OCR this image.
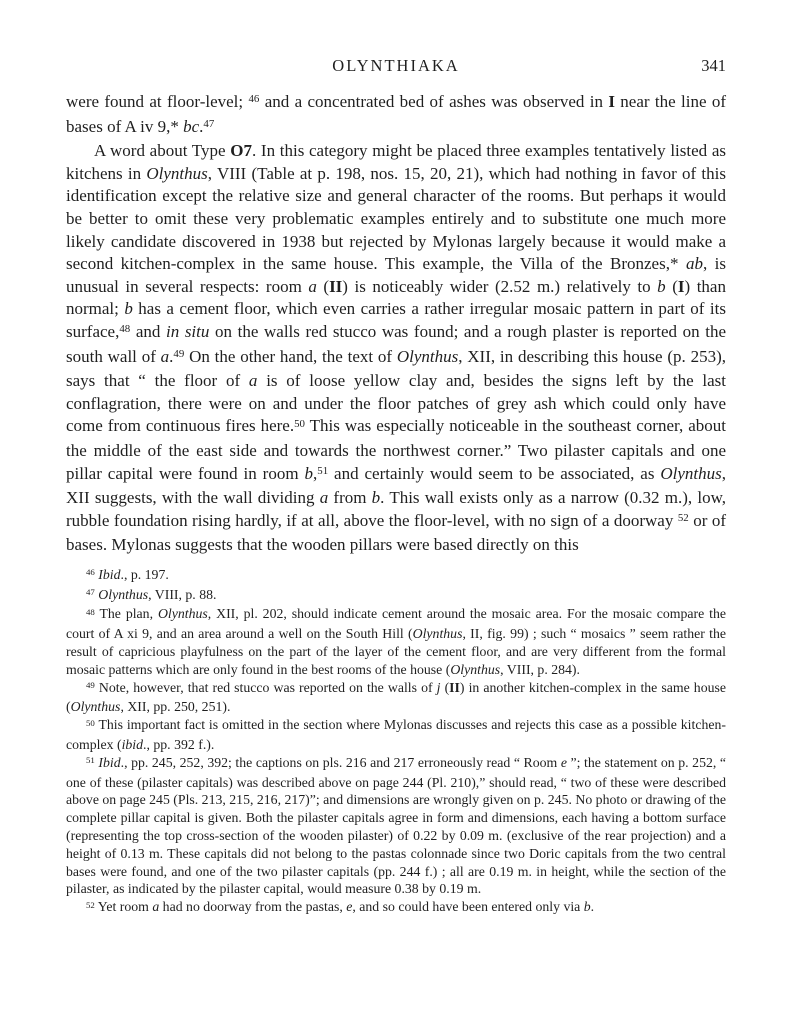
OLYNTHIAKA	341

were found at floor-level; $^{46}$ and a concentrated bed of ashes was observed in I near the line of bases of A iv 9,* bc.$^{47}$

A word about Type O7. In this category might be placed three examples tentatively listed as kitchens in Olynthus, VIII (Table at p. 198, nos. 15, 20, 21), which had nothing in favor of this identification except the relative size and general character of the rooms. But perhaps it would be better to omit these very problematic examples entirely and to substitute one much more likely candidate discovered in 1938 but rejected by Mylonas largely because it would make a second kitchen-complex in the same house. This example, the Villa of the Bronzes,* ab, is unusual in several respects: room a (II) is noticeably wider (2.52 m.) relatively to b (I) than normal; b has a cement floor, which even carries a rather irregular mosaic pattern in part of its surface,$^{48}$ and in situ on the walls red stucco was found; and a rough plaster is reported on the south wall of a.$^{49}$ On the other hand, the text of Olynthus, XII, in describing this house (p. 253), says that “ the floor of a is of loose yellow clay and, besides the signs left by the last conflagration, there were on and under the floor patches of grey ash which could only have come from continuous fires here.$^{50}$ This was especially noticeable in the southeast corner, about the middle of the east side and towards the northwest corner.” Two pilaster capitals and one pillar capital were found in room b,$^{51}$ and certainly would seem to be associated, as Olynthus, XII suggests, with the wall dividing a from b. This wall exists only as a narrow (0.32 m.), low, rubble foundation rising hardly, if at all, above the floor-level, with no sign of a doorway $^{52}$ or of bases. Mylonas suggests that the wooden pillars were based directly on this

$^{46}$ Ibid., p. 197.

$^{47}$ Olynthus, VIII, p. 88.

$^{48}$ The plan, Olynthus, XII, pl. 202, should indicate cement around the mosaic area. For the mosaic compare the court of A xi 9, and an area around a well on the South Hill (Olynthus, II, fig. 99) ; such “ mosaics ” seem rather the result of capricious playfulness on the part of the layer of the cement floor, and are very different from the formal mosaic patterns which are only found in the best rooms of the house (Olynthus, VIII, p. 284).

$^{49}$ Note, however, that red stucco was reported on the walls of j (II) in another kitchen-complex in the same house (Olynthus, XII, pp. 250, 251).

$^{50}$ This important fact is omitted in the section where Mylonas discusses and rejects this case as a possible kitchen-complex (ibid., pp. 392 f.).

$^{51}$ Ibid., pp. 245, 252, 392; the captions on pls. 216 and 217 erroneously read “ Room e ”; the statement on p. 252, “ one of these (pilaster capitals) was described above on page 244 (Pl. 210),” should read, “ two of these were described above on page 245 (Pls. 213, 215, 216, 217)”; and dimensions are wrongly given on p. 245. No photo or drawing of the complete pillar capital is given. Both the pilaster capitals agree in form and dimensions, each having a bottom surface (representing the top cross-section of the wooden pilaster) of 0.22 by 0.09 m. (exclusive of the rear projection) and a height of 0.13 m. These capitals did not belong to the pastas colonnade since two Doric capitals from the two central bases were found, and one of the two pilaster capitals (pp. 244 f.) ; all are 0.19 m. in height, while the section of the pilaster, as indicated by the pilaster capital, would measure 0.38 by 0.19 m.

$^{52}$ Yet room a had no doorway from the pastas, e, and so could have been entered only via b.
